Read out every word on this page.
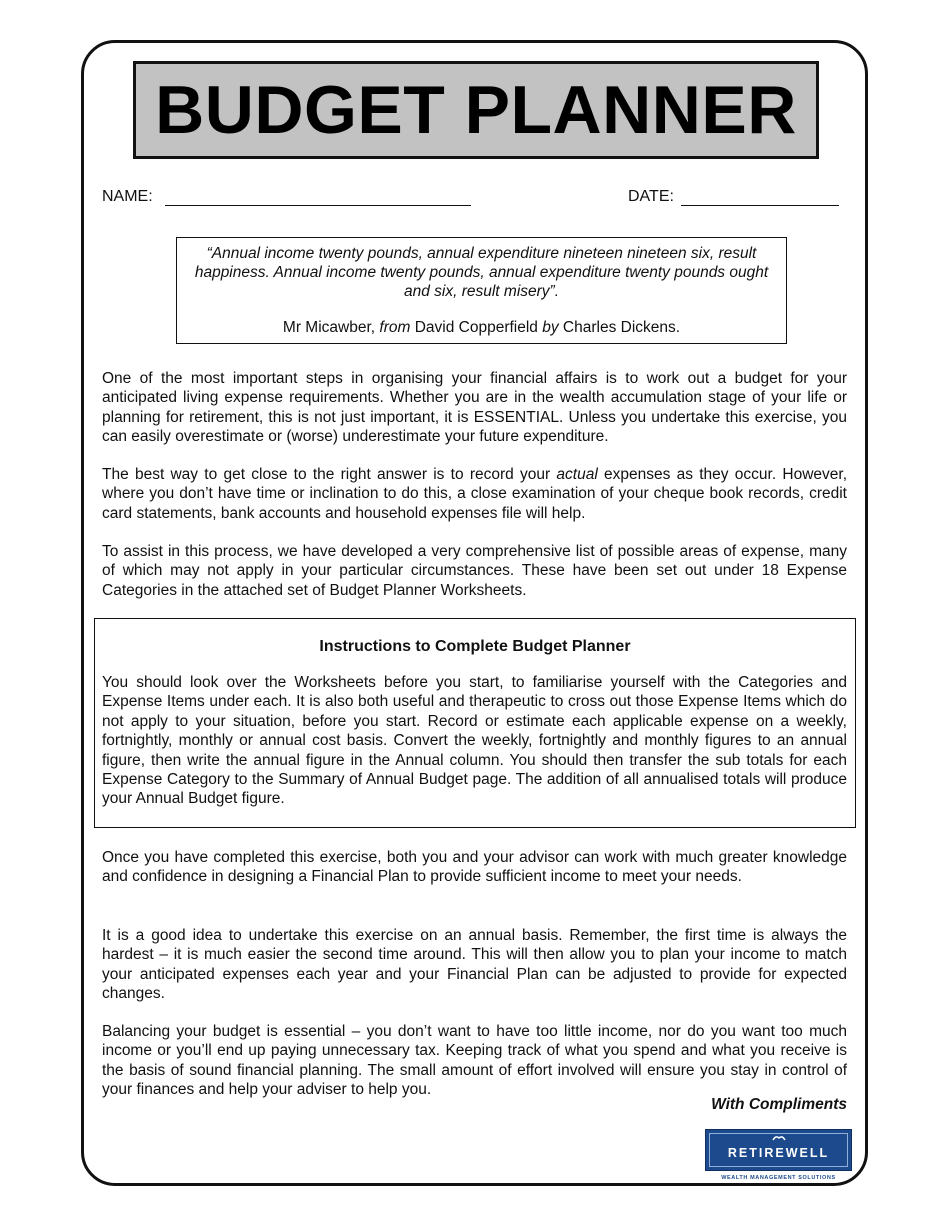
BUDGET PLANNER
NAME:	DATE:
“Annual income twenty pounds, annual expenditure nineteen nineteen six, result happiness. Annual income twenty pounds, annual expenditure twenty pounds ought and six, result misery”.
Mr Micawber, from David Copperfield by Charles Dickens.

One of the most important steps in organising your financial affairs is to work out a budget for your anticipated living expense requirements. Whether you are in the wealth accumulation stage of your life or planning for retirement, this is not just important, it is ESSENTIAL. Unless you undertake this exercise, you can easily overestimate or (worse) underestimate your future expenditure.

The best way to get close to the right answer is to record your actual expenses as they occur. However, where you don’t have time or inclination to do this, a close examination of your cheque book records, credit card statements, bank accounts and household expenses file will help.

To assist in this process, we have developed a very comprehensive list of possible areas of expense, many of which may not apply in your particular circumstances. These have been set out under 18 Expense Categories in the attached set of Budget Planner Worksheets.

Instructions to Complete Budget Planner

You should look over the Worksheets before you start, to familiarise yourself with the Categories and Expense Items under each. It is also both useful and therapeutic to cross out those Expense Items which do not apply to your situation, before you start. Record or estimate each applicable expense on a weekly, fortnightly, monthly or annual cost basis. Convert the weekly, fortnightly and monthly figures to an annual figure, then write the annual figure in the Annual column. You should then transfer the sub totals for each Expense Category to the Summary of Annual Budget page. The addition of all annualised totals will produce your Annual Budget figure.

Once you have completed this exercise, both you and your advisor can work with much greater knowledge and confidence in designing a Financial Plan to provide sufficient income to meet your needs.

It is a good idea to undertake this exercise on an annual basis. Remember, the first time is always the hardest – it is much easier the second time around. This will then allow you to plan your income to match your anticipated expenses each year and your Financial Plan can be adjusted to provide for expected changes.

Balancing your budget is essential – you don’t want to have too little income, nor do you want too much income or you’ll end up paying unnecessary tax. Keeping track of what you spend and what you receive is the basis of sound financial planning. The small amount of effort involved will ensure you stay in control of your finances and help your adviser to help you.

With Compliments
RETIREWELL
WEALTH MANAGEMENT SOLUTIONS
